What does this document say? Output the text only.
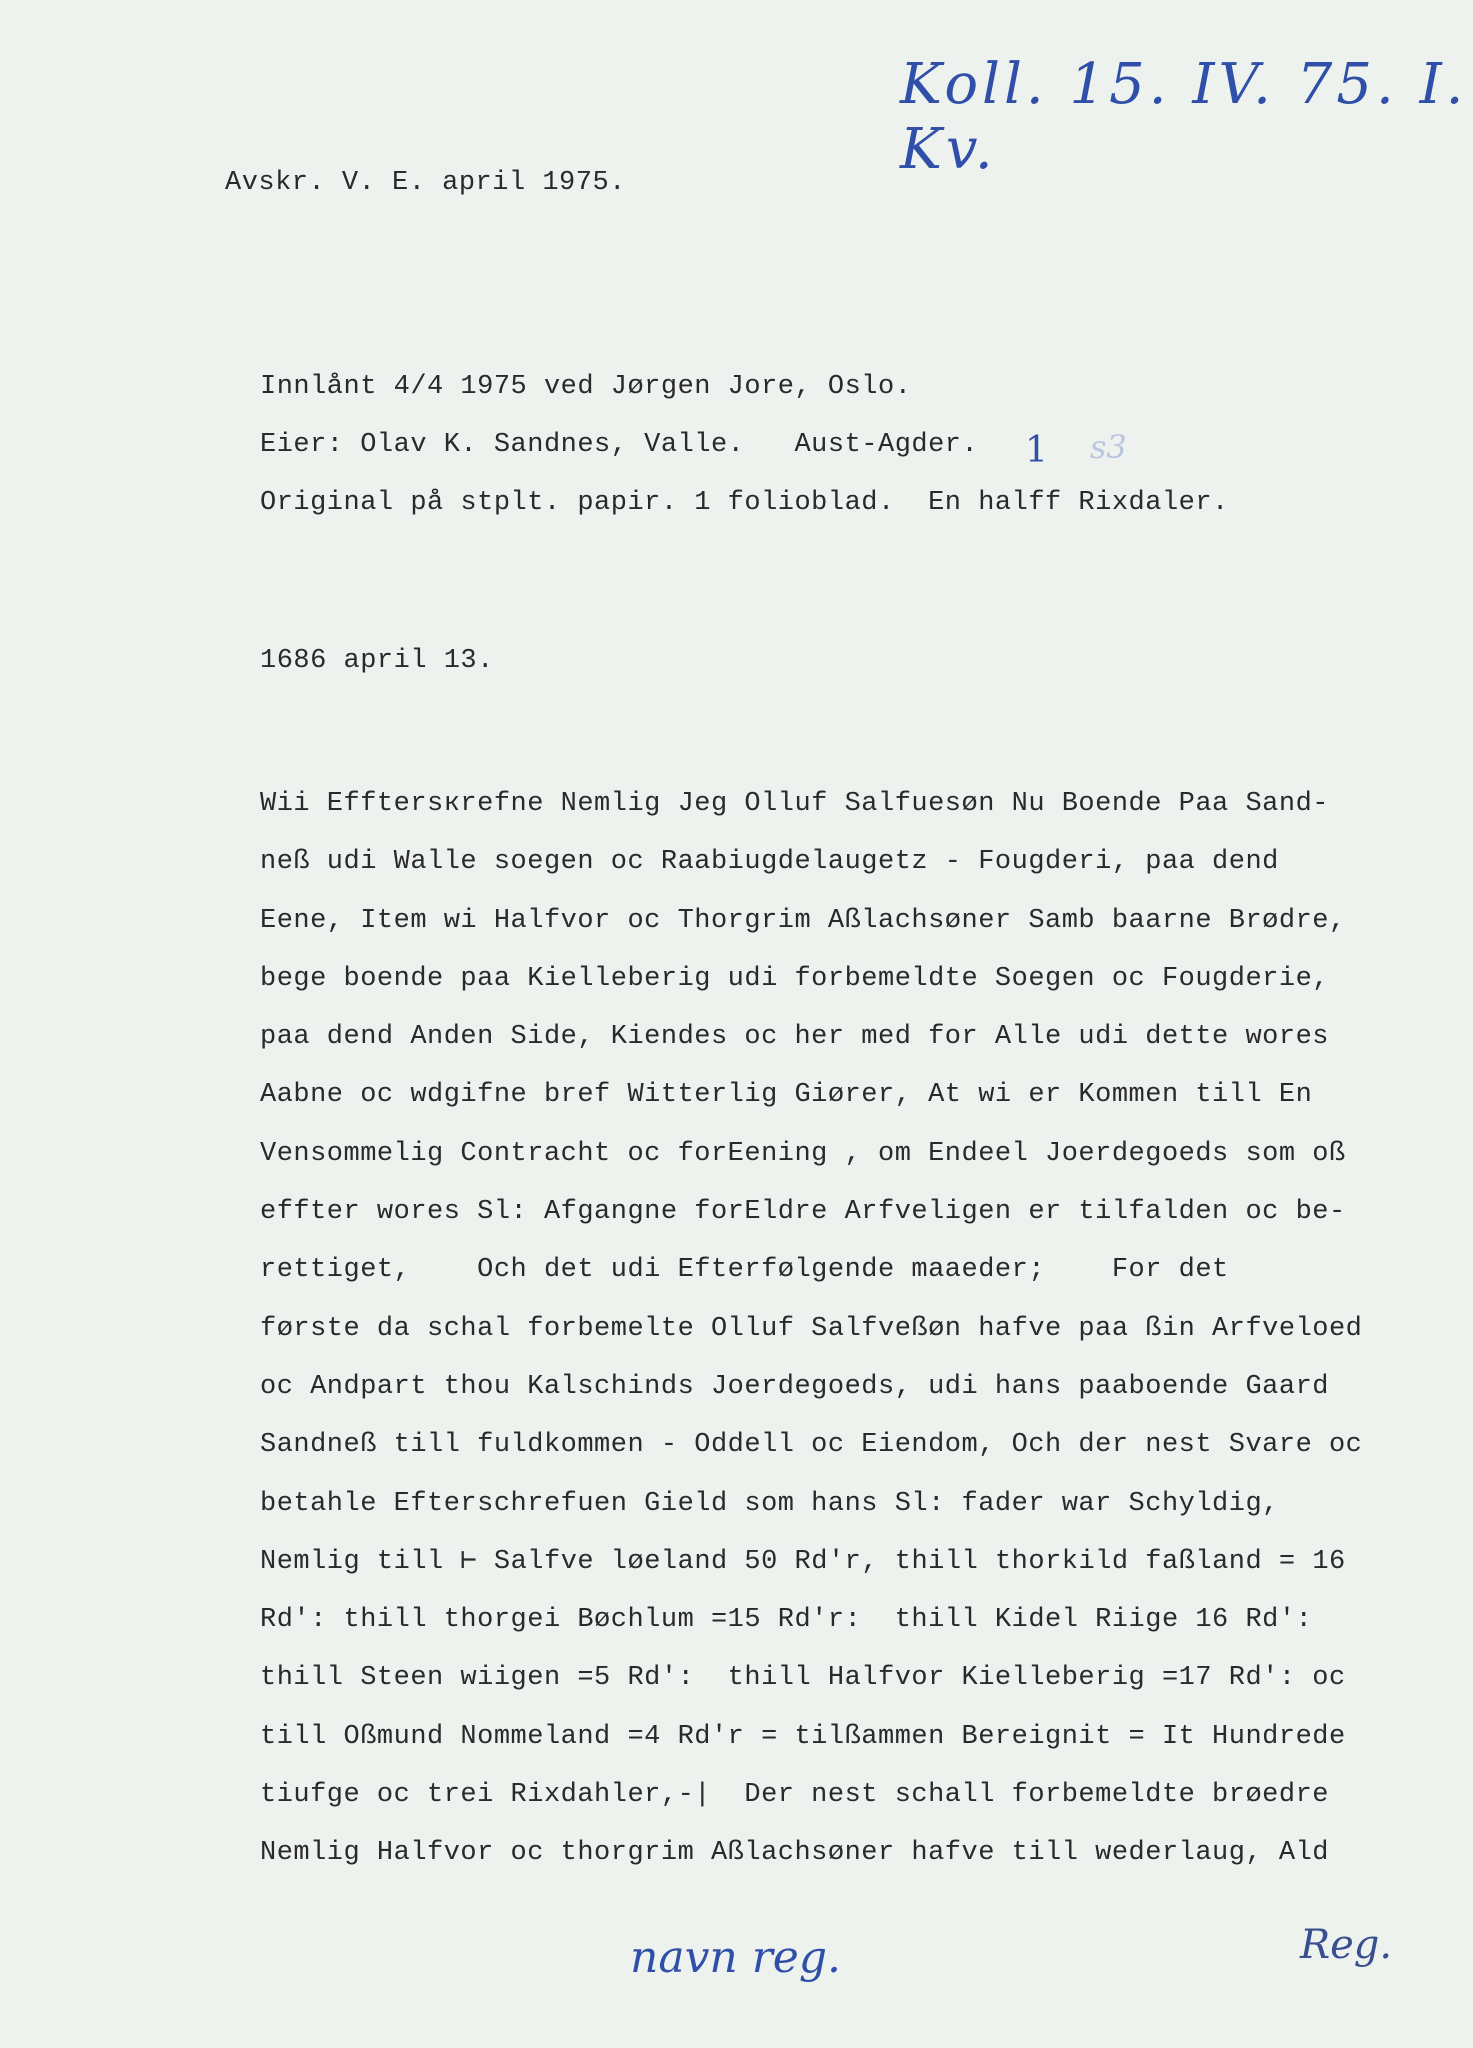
Koll. 15. IV. 75. I. Kv.
Avskr. V. E. april 1975.
Innlånt 4/4 1975 ved Jørgen Jore, Oslo.
Eier: Olav K. Sandnes, Valle.   Aust-Agder. 1 s3
Original på stplt. papir. 1 folioblad.  En halff Rixdaler.
1686 april 13.
Wii Efftersкrefne Nemlig Jeg Olluf Salfuesøn Nu Boende Paa Sand-
neß udi Walle soegen oc Raabiugdelaugetz - Fougderi, paa dend
Eene, Item wi Halfvor oc Thorgrim Aßlachsøner Samb baarne Brødre,
bege boende paa Kielleberig udi forbemeldte Soegen oc Fougderie,
paa dend Anden Side, Kiendes oc her med for Alle udi dette wores
Aabne oc wdgifne bref Witterlig Giører, At wi er Kommen till En
Vensommelig Contracht oc forEening , om Endeel Joerdegoeds som oß
effter wores Sl: Afgangne forEldre Arfveligen er tilfalden oc be-
rettiget,    Och det udi Efterfølgende maaeder;    For det
første da schal forbemelte Olluf Salfveßøn hafve paa ßin Arfveloed
oc Andpart thou Kalschinds Joerdegoeds, udi hans paaboende Gaard
Sandneß till fuldkommen - Oddell oc Eiendom, Och der nest Svare oc
betahle Efterschrefuen Gield som hans Sl: fader war Schyldig,
Nemlig till ⊢ Salfve løeland 50 Rd'r, thill thorkild faßland = 16
Rd': thill thorgei Bøchlum =15 Rd'r:  thill Kidel Riige 16 Rd':
thill Steen wiigen =5 Rd':  thill Halfvor Kielleberig =17 Rd': oc
till Oßmund Nommeland =4 Rd'r = tilßammen Bereignit = It Hundrede
tiufge oc trei Rixdahler,-|  Der nest schall forbemeldte brøedre
Nemlig Halfvor oc thorgrim Aßlachsøner hafve till wederlaug, Ald
navn reg.	Reg.
